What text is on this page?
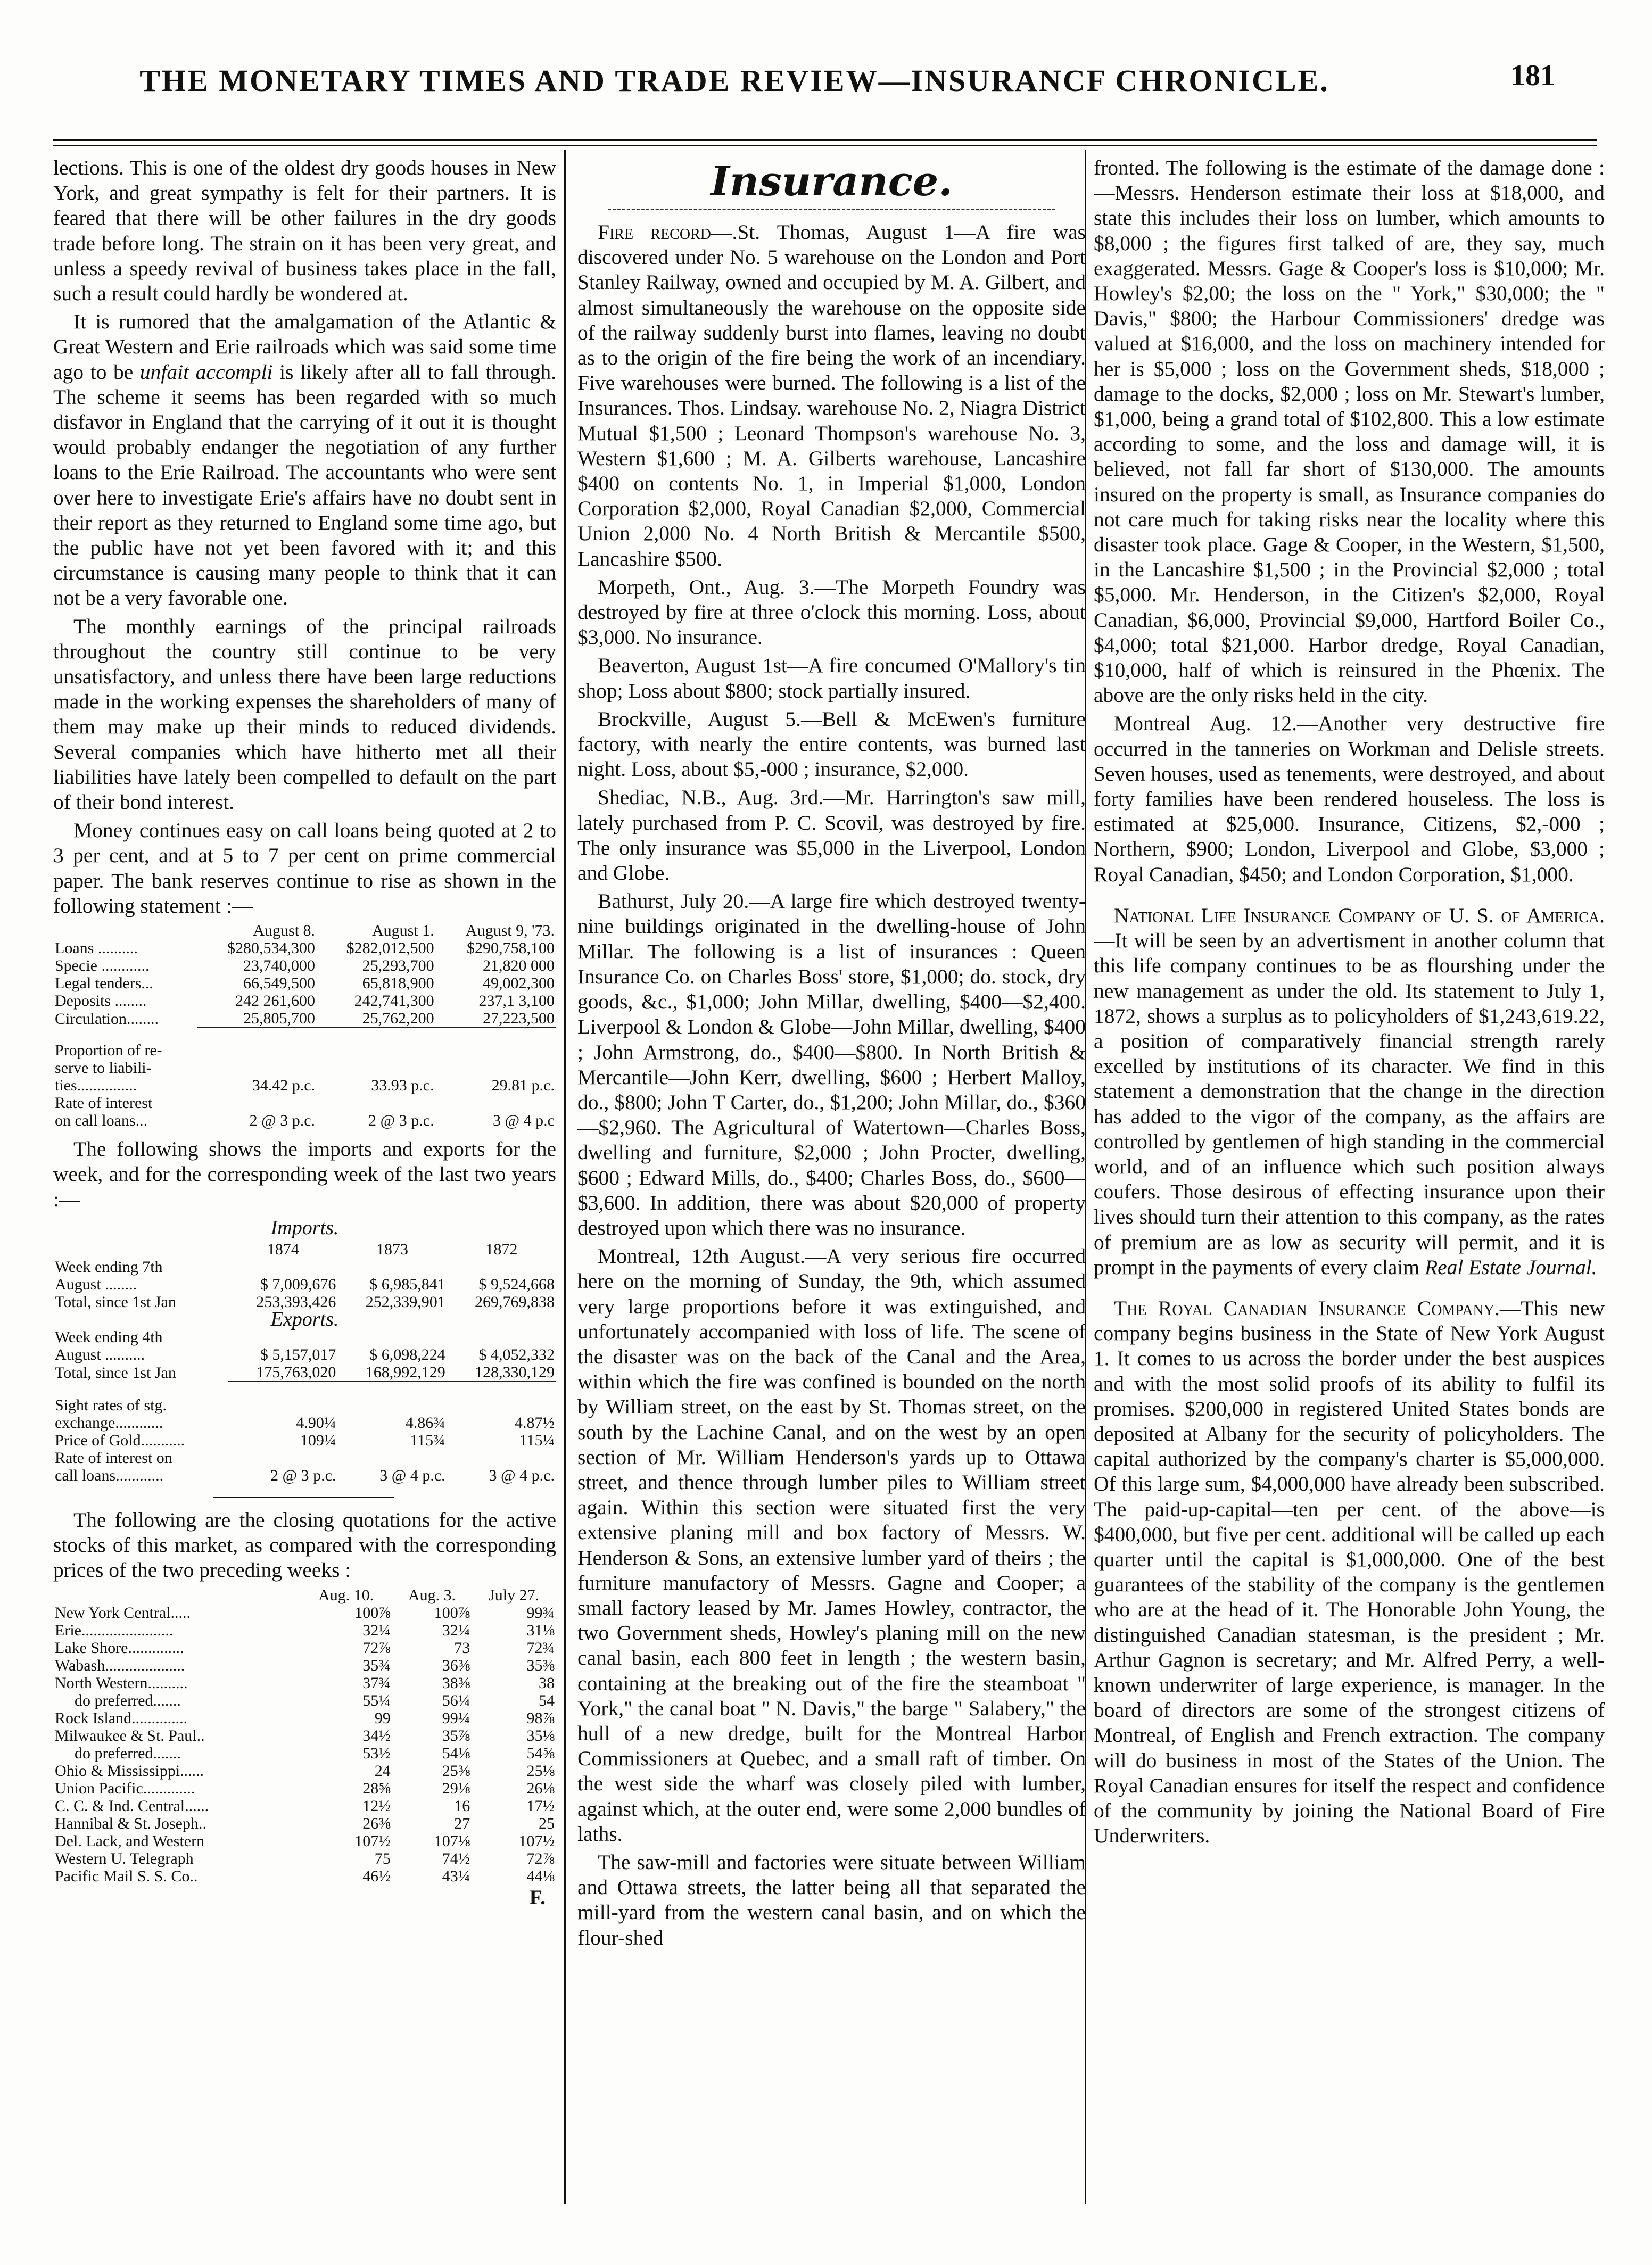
THE MONETARY TIMES AND TRADE REVIEW—INSURANCF CHRONICLE.	181

lections. This is one of the oldest dry goods houses in New York, and great sympathy is felt for their partners. It is feared that there will be other failures in the dry goods trade before long. The strain on it has been very great, and unless a speedy revival of business takes place in the fall, such a result could hardly be wondered at.

It is rumored that the amalgamation of the Atlantic & Great Western and Erie railroads which was said some time ago to be unfait accompli is likely after all to fall through. The scheme it seems has been regarded with so much disfavor in England that the carrying of it out it is thought would probably endanger the negotiation of any further loans to the Erie Railroad. The accountants who were sent over here to investigate Erie's affairs have no doubt sent in their report as they returned to England some time ago, but the public have not yet been favored with it; and this circumstance is causing many people to think that it can not be a very favorable one.

The monthly earnings of the principal railroads throughout the country still continue to be very unsatisfactory, and unless there have been large reductions made in the working expenses the shareholders of many of them may make up their minds to reduced dividends. Several companies which have hitherto met all their liabilities have lately been compelled to default on the part of their bond interest.

Money continues easy on call loans being quoted at 2 to 3 per cent, and at 5 to 7 per cent on prime commercial paper. The bank reserves continue to rise as shown in the following statement :—

	August 8.	August 1.	August 9, '73.
Loans ..........	$280,534,300	$282,012,500	$290,758,100
Specie ............	23,740,000	25,293,700	21,820 000
Legal tenders...	66,549,500	65,818,900	49,002,300
Deposits ........	242 261,600	242,741,300	237,1 3,100
Circulation........	25,805,700	25,762,200	27,223,500

Proportion of re-			
serve to liabili-			
ties...............	34.42 p.c.	33.93 p.c.	29.81 p.c.
Rate of interest			
on call loans...	2 @ 3 p.c.	2 @ 3 p.c.	3 @ 4 p.c

The following shows the imports and exports for the week, and for the corresponding week of the last two years :—

Imports.
	1874	1873	1872
Week ending 7th			
August ........	$ 7,009,676	$ 6,985,841	$ 9,524,668
Total, since 1st Jan	253,393,426	252,339,901	269,769,838
Exports.			
Week ending 4th			
August ..........	$ 5,157,017	$ 6,098,224	$ 4,052,332
Total, since 1st Jan	175,763,020	168,992,129	128,330,129

Sight rates of stg.			
exchange............	4.90¼	4.86¾	4.87½
Price of Gold...........	109¼	115¾	115¼
Rate of interest on			
call loans............	2 @ 3 p.c.	3 @ 4 p.c.	3 @ 4 p.c.

The following are the closing quotations for the active stocks of this market, as compared with the corresponding prices of the two preceding weeks :

	Aug. 10.	Aug. 3.	July 27.
New York Central.....	100⅞	100⅞	99¾
Erie.......................	32¼	32¼	31⅛
Lake Shore..............	72⅞	73	72¾
Wabash....................	35¾	36⅜	35⅜
North Western..........	37¾	38⅜	38
do preferred.......	55¼	56¼	54
Rock Island..............	99	99¼	98⅞
Milwaukee & St. Paul..	34½	35⅞	35⅛
do preferred.......	53½	54⅛	54⅝
Ohio & Mississippi......	24	25⅜	25⅛
Union Pacific.............	28⅝	29⅛	26⅛
C. C. & Ind. Central......	12½	16	17½
Hannibal & St. Joseph..	26⅜	27	25
Del. Lack, and Western	107½	107⅛	107½
Western U. Telegraph	75	74½	72⅞
Pacific Mail S. S. Co..	46½	43¼	44⅛
F.
Insurance.

Fire record—.St. Thomas, August 1—A fire was discovered under No. 5 warehouse on the London and Port Stanley Railway, owned and occupied by M. A. Gilbert, and almost simultaneously the warehouse on the opposite side of the railway suddenly burst into flames, leaving no doubt as to the origin of the fire being the work of an incendiary. Five warehouses were burned. The following is a list of the Insurances. Thos. Lindsay. warehouse No. 2, Niagra District Mutual $1,500 ; Leonard Thompson's warehouse No. 3, Western $1,600 ; M. A. Gilberts warehouse, Lancashire $400 on contents No. 1, in Imperial $1,000, London Corporation $2,000, Royal Canadian $2,000, Commercial Union 2,000 No. 4 North British & Mercantile $500, Lancashire $500.

Morpeth, Ont., Aug. 3.—The Morpeth Foundry was destroyed by fire at three o'clock this morning. Loss, about $3,000. No insurance.

Beaverton, August 1st—A fire concumed O'Mallory's tin shop; Loss about $800; stock partially insured.

Brockville, August 5.—Bell & McEwen's furniture factory, with nearly the entire contents, was burned last night. Loss, about $5,-000 ; insurance, $2,000.

Shediac, N.B., Aug. 3rd.—Mr. Harrington's saw mill, lately purchased from P. C. Scovil, was destroyed by fire. The only insurance was $5,000 in the Liverpool, London and Globe.

Bathurst, July 20.—A large fire which destroyed twenty-nine buildings originated in the dwelling-house of John Millar. The following is a list of insurances : Queen Insurance Co. on Charles Boss' store, $1,000; do. stock, dry goods, &c., $1,000; John Millar, dwelling, $400—$2,400. Liverpool & London & Globe—John Millar, dwelling, $400 ; John Armstrong, do., $400—$800. In North British & Mercantile—John Kerr, dwelling, $600 ; Herbert Malloy, do., $800; John T Carter, do., $1,200; John Millar, do., $360—$2,960. The Agricultural of Watertown—Charles Boss, dwelling and furniture, $2,000 ; John Procter, dwelling, $600 ; Edward Mills, do., $400; Charles Boss, do., $600—$3,600. In addition, there was about $20,000 of property destroyed upon which there was no insurance.

Montreal, 12th August.—A very serious fire occurred here on the morning of Sunday, the 9th, which assumed very large proportions before it was extinguished, and unfortunately accompanied with loss of life. The scene of the disaster was on the back of the Canal and the Area, within which the fire was confined is bounded on the north by William street, on the east by St. Thomas street, on the south by the Lachine Canal, and on the west by an open section of Mr. William Henderson's yards up to Ottawa street, and thence through lumber piles to William street again. Within this section were situated first the very extensive planing mill and box factory of Messrs. W. Henderson & Sons, an extensive lumber yard of theirs ; the furniture manufactory of Messrs. Gagne and Cooper; a small factory leased by Mr. James Howley, contractor, the two Government sheds, Howley's planing mill on the new canal basin, each 800 feet in length ; the western basin, containing at the breaking out of the fire the steamboat " York," the canal boat " N. Davis," the barge " Salabery," the hull of a new dredge, built for the Montreal Harbor Commissioners at Quebec, and a small raft of timber. On the west side the wharf was closely piled with lumber, against which, at the outer end, were some 2,000 bundles of laths.

The saw-mill and factories were situate between William and Ottawa streets, the latter being all that separated the mill-yard from the western canal basin, and on which the flour-shed

fronted. The following is the estimate of the damage done :—Messrs. Henderson estimate their loss at $18,000, and state this includes their loss on lumber, which amounts to $8,000 ; the figures first talked of are, they say, much exaggerated. Messrs. Gage & Cooper's loss is $10,000; Mr. Howley's $2,00; the loss on the " York," $30,000; the " Davis," $800; the Harbour Commissioners' dredge was valued at $16,000, and the loss on machinery intended for her is $5,000 ; loss on the Government sheds, $18,000 ; damage to the docks, $2,000 ; loss on Mr. Stewart's lumber, $1,000, being a grand total of $102,800. This a low estimate according to some, and the loss and damage will, it is believed, not fall far short of $130,000. The amounts insured on the property is small, as Insurance companies do not care much for taking risks near the locality where this disaster took place. Gage & Cooper, in the Western, $1,500, in the Lancashire $1,500 ; in the Provincial $2,000 ; total $5,000. Mr. Henderson, in the Citizen's $2,000, Royal Canadian, $6,000, Provincial $9,000, Hartford Boiler Co., $4,000; total $21,000. Harbor dredge, Royal Canadian, $10,000, half of which is reinsured in the Phœnix. The above are the only risks held in the city.

Montreal Aug. 12.—Another very destructive fire occurred in the tanneries on Workman and Delisle streets. Seven houses, used as tenements, were destroyed, and about forty families have been rendered houseless. The loss is estimated at $25,000. Insurance, Citizens, $2,-000 ; Northern, $900; London, Liverpool and Globe, $3,000 ; Royal Canadian, $450; and London Corporation, $1,000.

National Life Insurance Company of U. S. of America.—It will be seen by an advertisment in another column that this life company continues to be as flourshing under the new management as under the old. Its statement to July 1, 1872, shows a surplus as to policyholders of $1,243,619.22, a position of comparatively financial strength rarely excelled by institutions of its character. We find in this statement a demonstration that the change in the direction has added to the vigor of the company, as the affairs are controlled by gentlemen of high standing in the commercial world, and of an influence which such position always coufers. Those desirous of effecting insurance upon their lives should turn their attention to this company, as the rates of premium are as low as security will permit, and it is prompt in the payments of every claim Real Estate Journal.

The Royal Canadian Insurance Company.—This new company begins business in the State of New York August 1. It comes to us across the border under the best auspices and with the most solid proofs of its ability to fulfil its promises. $200,000 in registered United States bonds are deposited at Albany for the security of policyholders. The capital authorized by the company's charter is $5,000,000. Of this large sum, $4,000,000 have already been subscribed. The paid-up-capital—ten per cent. of the above—is $400,000, but five per cent. additional will be called up each quarter until the capital is $1,000,000. One of the best guarantees of the stability of the company is the gentlemen who are at the head of it. The Honorable John Young, the distinguished Canadian statesman, is the president ; Mr. Arthur Gagnon is secretary; and Mr. Alfred Perry, a well-known underwriter of large experience, is manager. In the board of directors are some of the strongest citizens of Montreal, of English and French extraction. The company will do business in most of the States of the Union. The Royal Canadian ensures for itself the respect and confidence of the community by joining the National Board of Fire Underwriters.
